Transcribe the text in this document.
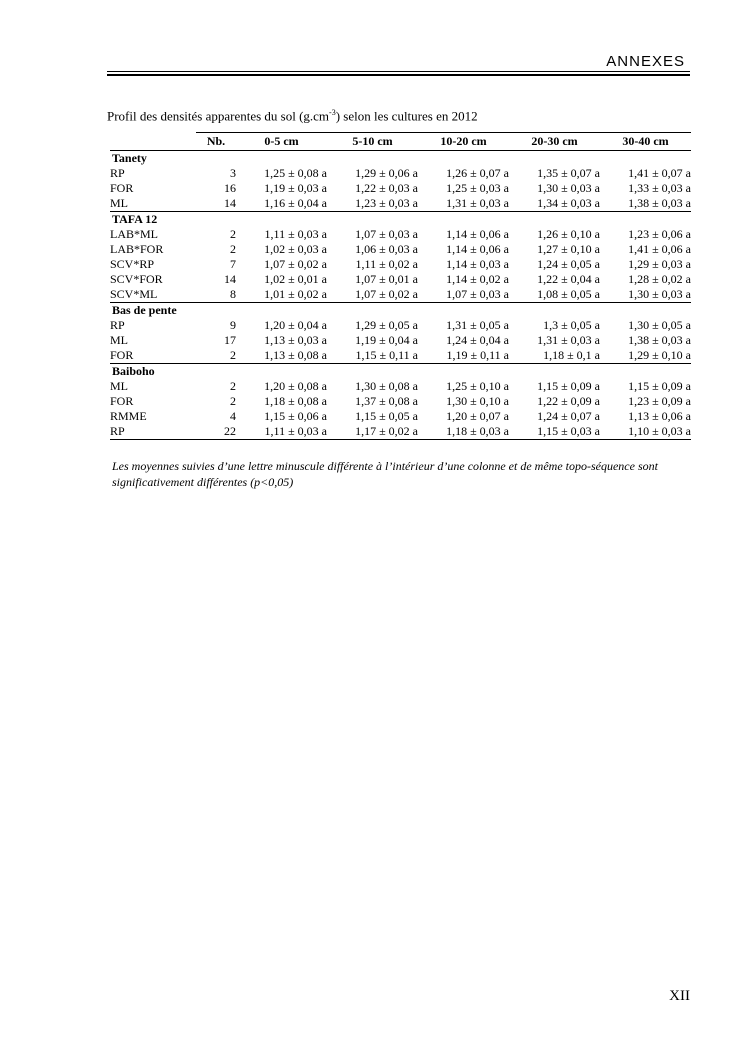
ANNEXES
Profil des densités apparentes du sol $(g.cm^{-3})$ selon les cultures en 2012
	Nb.	0-5 cm	5-10 cm	10-20 cm	20-30 cm	30-40 cm
Tanety						
RP	3	1,25 ± 0,08 a	1,29 ± 0,06 a	1,26 ± 0,07 a	1,35 ± 0,07 a	1,41 ± 0,07 a
FOR	16	1,19 ± 0,03 a	1,22 ± 0,03 a	1,25 ± 0,03 a	1,30 ± 0,03 a	1,33 ± 0,03 a
ML	14	1,16 ± 0,04 a	1,23 ± 0,03 a	1,31 ± 0,03 a	1,34 ± 0,03 a	1,38 ± 0,03 a
TAFA 12						
LAB*ML	2	1,11 ± 0,03 a	1,07 ± 0,03 a	1,14 ± 0,06 a	1,26 ± 0,10 a	1,23 ± 0,06 a
LAB*FOR	2	1,02 ± 0,03 a	1,06 ± 0,03 a	1,14 ± 0,06 a	1,27 ± 0,10 a	1,41 ± 0,06 a
SCV*RP	7	1,07 ± 0,02 a	1,11 ± 0,02 a	1,14 ± 0,03 a	1,24 ± 0,05 a	1,29 ± 0,03 a
SCV*FOR	14	1,02 ± 0,01 a	1,07 ± 0,01 a	1,14 ± 0,02 a	1,22 ± 0,04 a	1,28 ± 0,02 a
SCV*ML	8	1,01 ± 0,02 a	1,07 ± 0,02 a	1,07 ± 0,03 a	1,08 ± 0,05 a	1,30 ± 0,03 a
Bas de pente						
RP	9	1,20 ± 0,04 a	1,29 ± 0,05 a	1,31 ± 0,05 a	1,3 ± 0,05 a	1,30 ± 0,05 a
ML	17	1,13 ± 0,03 a	1,19 ± 0,04 a	1,24 ± 0,04 a	1,31 ± 0,03 a	1,38 ± 0,03 a
FOR	2	1,13 ± 0,08 a	1,15 ± 0,11 a	1,19 ± 0,11 a	1,18 ± 0,1 a	1,29 ± 0,10 a
Baiboho						
ML	2	1,20 ± 0,08 a	1,30 ± 0,08 a	1,25 ± 0,10 a	1,15 ± 0,09 a	1,15 ± 0,09 a
FOR	2	1,18 ± 0,08 a	1,37 ± 0,08 a	1,30 ± 0,10 a	1,22 ± 0,09 a	1,23 ± 0,09 a
RMME	4	1,15 ± 0,06 a	1,15 ± 0,05 a	1,20 ± 0,07 a	1,24 ± 0,07 a	1,13 ± 0,06 a
RP	22	1,11 ± 0,03 a	1,17 ± 0,02 a	1,18 ± 0,03 a	1,15 ± 0,03 a	1,10 ± 0,03 a
Les moyennes suivies d’une lettre minuscule différente à l’intérieur d’une colonne et de même topo-séquence sont significativement différentes (p<0,05)
XII
